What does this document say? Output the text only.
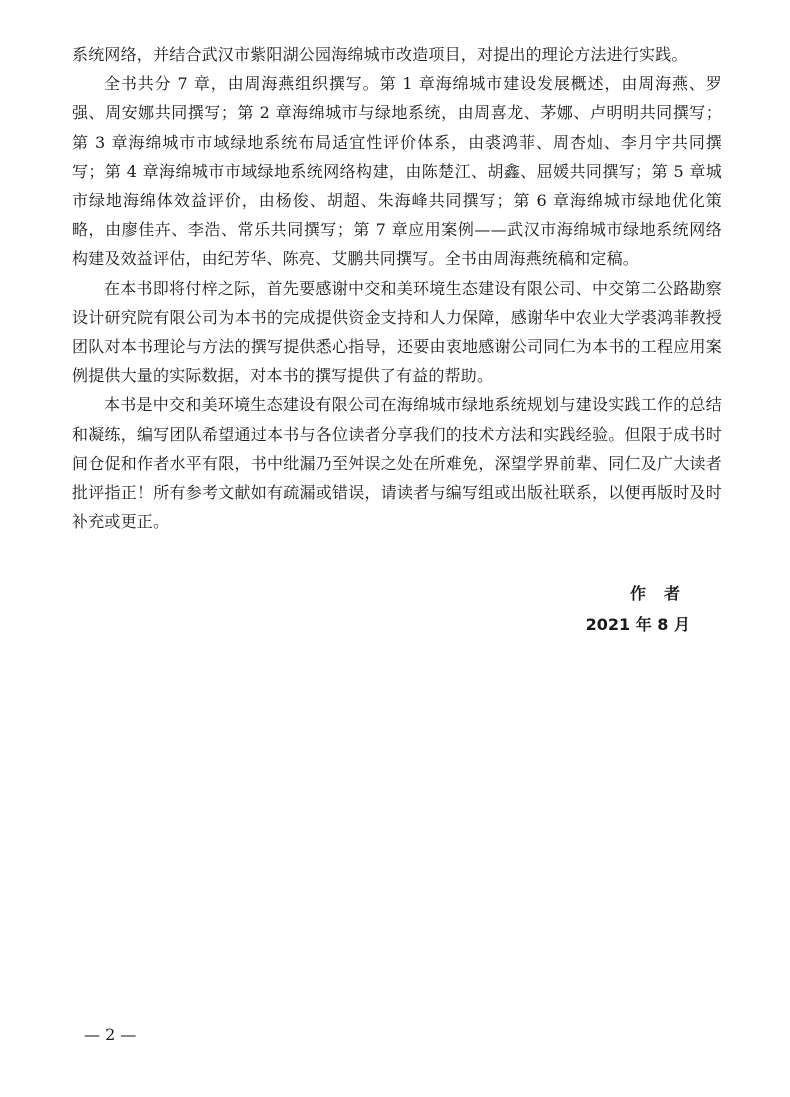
系统网络，并结合武汉市紫阳湖公园海绵城市改造项目，对提出的理论方法进行实践。

全书共分 7 章，由周海燕组织撰写。第 1 章海绵城市建设发展概述，由周海燕、罗强、周安娜共同撰写；第 2 章海绵城市与绿地系统，由周喜龙、茅娜、卢明明共同撰写；第 3 章海绵城市市域绿地系统布局适宜性评价体系，由裘鸿菲、周杏灿、李月宇共同撰写；第 4 章海绵城市市域绿地系统网络构建，由陈楚江、胡鑫、屈媛共同撰写；第 5 章城市绿地海绵体效益评价，由杨俊、胡超、朱海峰共同撰写；第 6 章海绵城市绿地优化策略，由廖佳卉、李浩、常乐共同撰写；第 7 章应用案例——武汉市海绵城市绿地系统网络构建及效益评估，由纪芳华、陈亮、艾鹏共同撰写。全书由周海燕统稿和定稿。

在本书即将付梓之际，首先要感谢中交和美环境生态建设有限公司、中交第二公路勘察设计研究院有限公司为本书的完成提供资金支持和人力保障，感谢华中农业大学裘鸿菲教授团队对本书理论与方法的撰写提供悉心指导，还要由衷地感谢公司同仁为本书的工程应用案例提供大量的实际数据，对本书的撰写提供了有益的帮助。

本书是中交和美环境生态建设有限公司在海绵城市绿地系统规划与建设实践工作的总结和凝练，编写团队希望通过本书与各位读者分享我们的技术方法和实践经验。但限于成书时间仓促和作者水平有限，书中纰漏乃至舛误之处在所难免，深望学界前辈、同仁及广大读者批评指正！所有参考文献如有疏漏或错误，请读者与编写组或出版社联系，以便再版时及时补充或更正。

作者
2021 年 8 月
— 2 —
